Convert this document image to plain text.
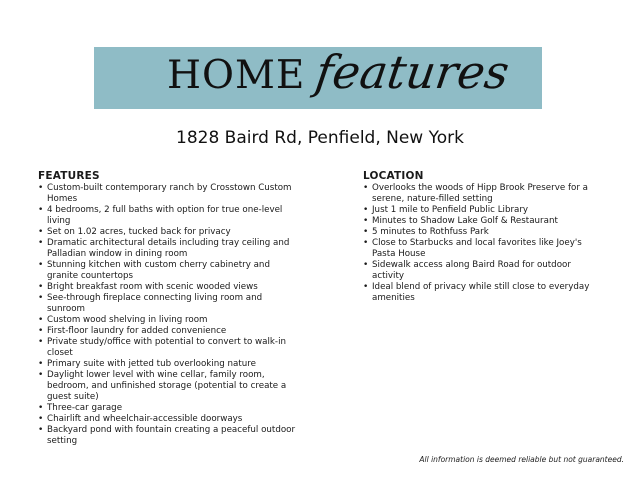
HOME features
1828 Baird Rd, Penfield, New York
FEATURES
• Custom-built contemporary ranch by Crosstown Custom Homes
• 4 bedrooms, 2 full baths with option for true one-level living
• Set on 1.02 acres, tucked back for privacy
• Dramatic architectural details including tray ceiling and Palladian window in dining room
• Stunning kitchen with custom cherry cabinetry and granite countertops
• Bright breakfast room with scenic wooded views
• See-through fireplace connecting living room and sunroom
• Custom wood shelving in living room
• First-floor laundry for added convenience
• Private study/office with potential to convert to walk-in closet
• Primary suite with jetted tub overlooking nature
• Daylight lower level with wine cellar, family room, bedroom, and unfinished storage (potential to create a guest suite)
• Three-car garage
• Chairlift and wheelchair-accessible doorways
• Backyard pond with fountain creating a peaceful outdoor setting
LOCATION
• Overlooks the woods of Hipp Brook Preserve for a serene, nature-filled setting
• Just 1 mile to Penfield Public Library
• Minutes to Shadow Lake Golf & Restaurant
• 5 minutes to Rothfuss Park
• Close to Starbucks and local favorites like Joey's Pasta House
• Sidewalk access along Baird Road for outdoor activity
• Ideal blend of privacy while still close to everyday amenities
All information is deemed reliable but not guaranteed.
